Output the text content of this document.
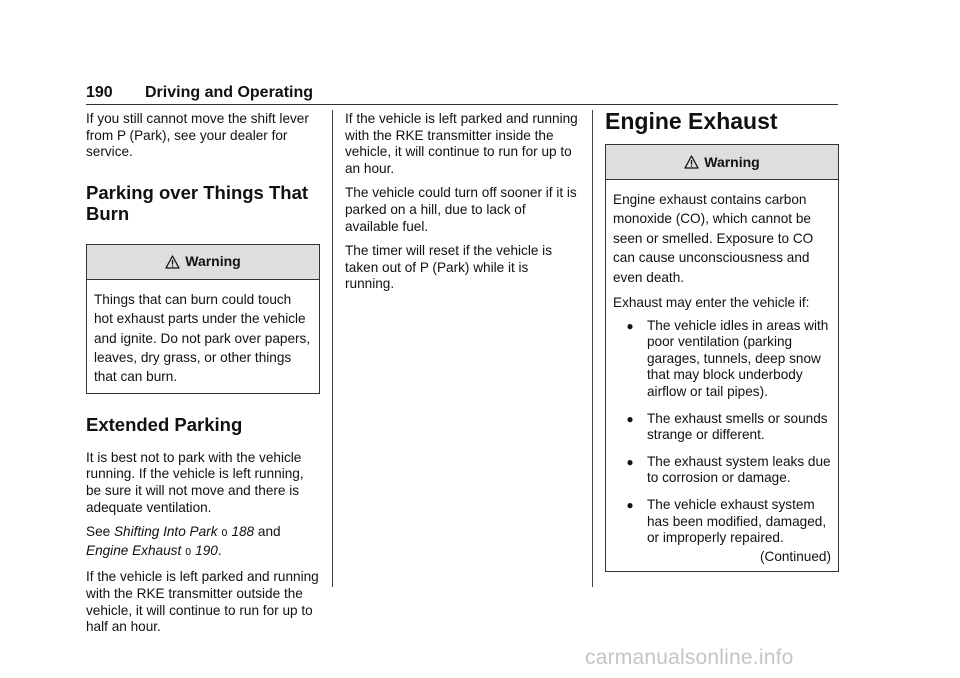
190 Driving and Operating

If you still cannot move the shift lever from P (Park), see your dealer for service.

Parking over Things That Burn
Warning

Things that can burn could touch hot exhaust parts under the vehicle and ignite. Do not park over papers, leaves, dry grass, or other things that can burn.

Extended Parking

It is best not to park with the vehicle running. If the vehicle is left running, be sure it will not move and there is adequate ventilation.

See Shifting Into Park 0 188 and
Engine Exhaust 0 190.

If the vehicle is left parked and running with the RKE transmitter outside the vehicle, it will continue to run for up to half an hour.

If the vehicle is left parked and running with the RKE transmitter inside the vehicle, it will continue to run for up to an hour.

The vehicle could turn off sooner if it is parked on a hill, due to lack of available fuel.

The timer will reset if the vehicle is taken out of P (Park) while it is running.

Engine Exhaust
Warning

Engine exhaust contains carbon monoxide (CO), which cannot be seen or smelled. Exposure to CO can cause unconsciousness and even death.

Exhaust may enter the vehicle if:

● The vehicle idles in areas with poor ventilation (parking garages, tunnels, deep snow that may block underbody airflow or tail pipes).
● The exhaust smells or sounds strange or different.
● The exhaust system leaks due to corrosion or damage.
● The vehicle exhaust system has been modified, damaged, or improperly repaired.
(Continued)
carmanualsonline.info
